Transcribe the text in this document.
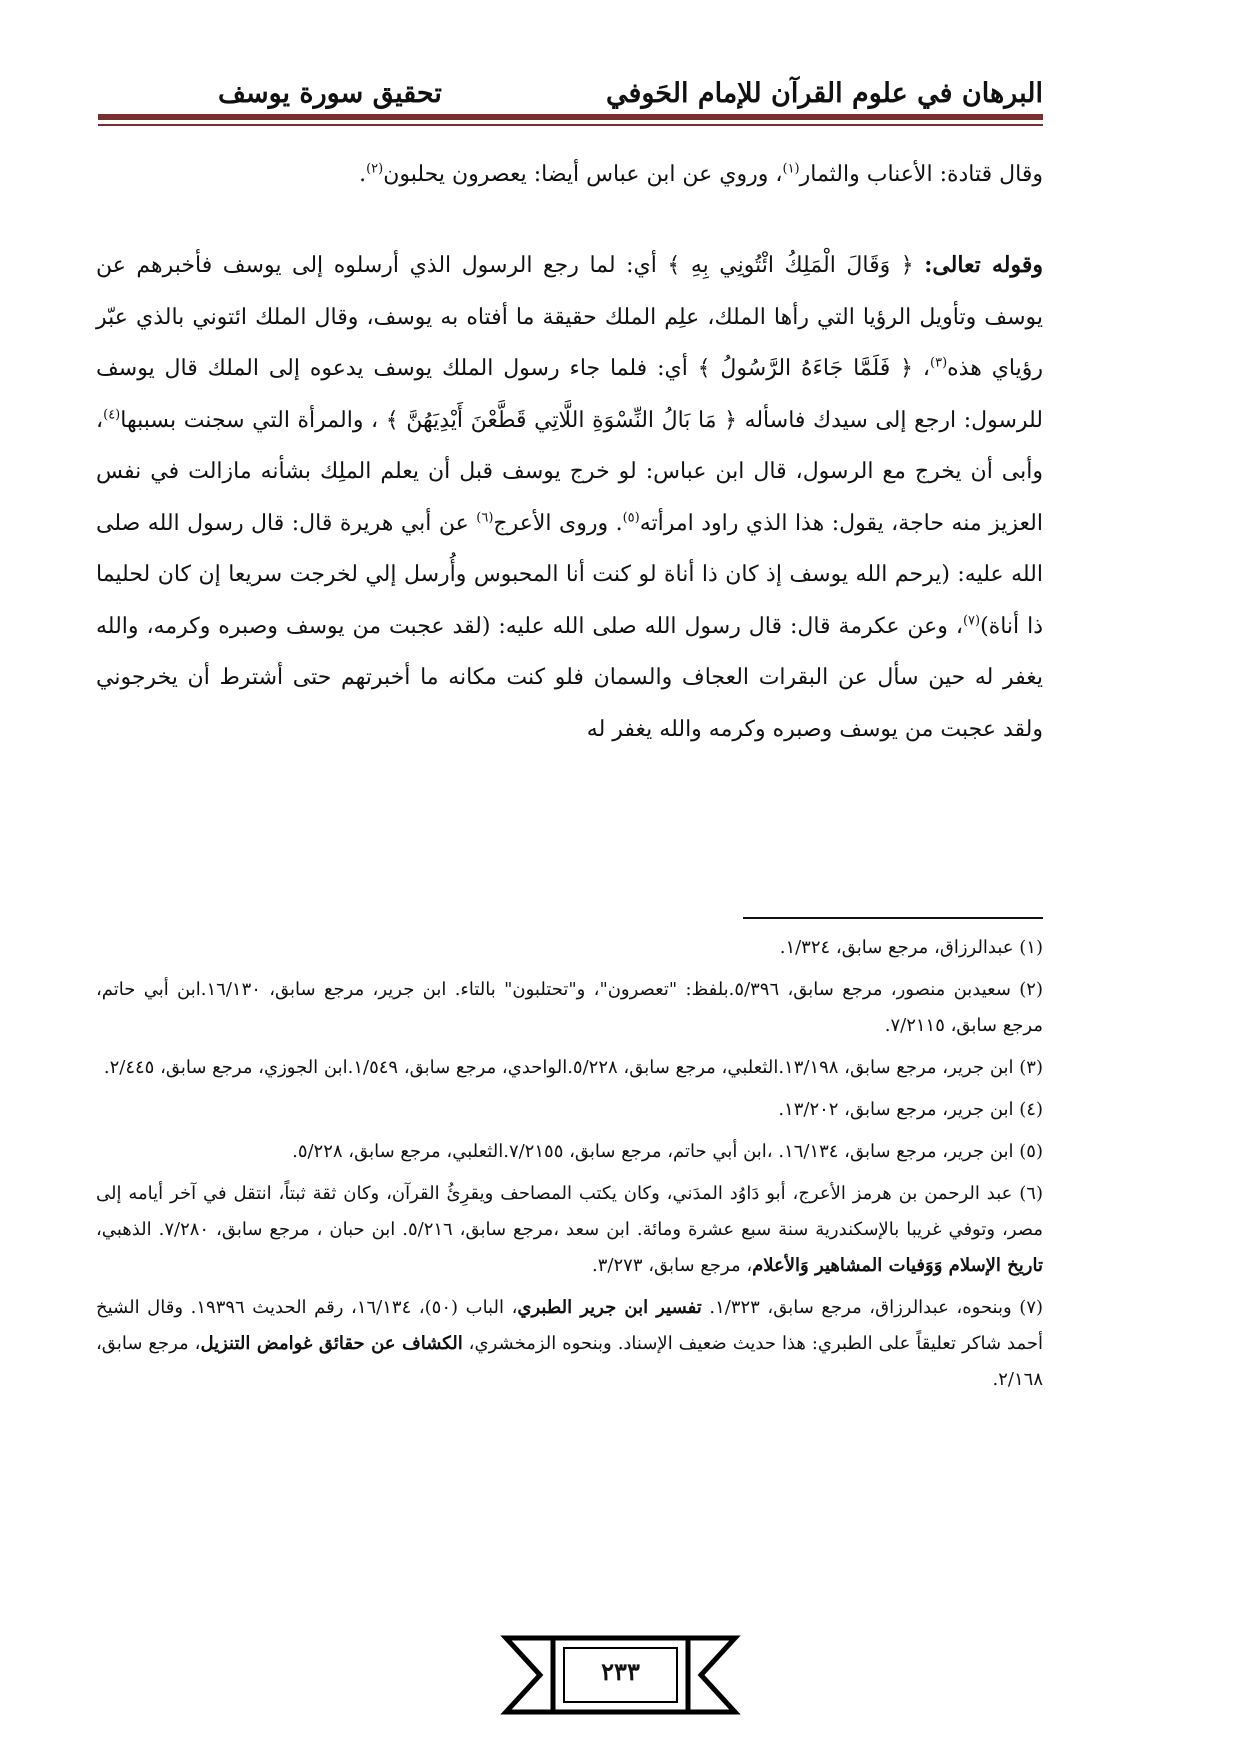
البرهان في علوم القرآن للإمام الحَوفي
تحقيق سورة يوسف

وقال قتادة: الأعناب والثمار$^{(١)}$، وروي عن ابن عباس أيضا: يعصرون يحلبون$^{(٢)}$.

وقوله تعالى: ﴿ وَقَالَ الْمَلِكُ ائْتُونِي بِهِ ﴾ أي: لما رجع الرسول الذي أرسلوه إلى يوسف فأخبرهم عن يوسف وتأويل الرؤيا التي رأها الملك، علِم الملك حقيقة ما أفتاه به يوسف، وقال الملك ائتوني بالذي عبّر رؤياي هذه$^{(٣)}$، ﴿ فَلَمَّا جَاءَهُ الرَّسُولُ ﴾ أي: فلما جاء رسول الملك يوسف يدعوه إلى الملك قال يوسف للرسول: ارجع إلى سيدك فاسأله ﴿ مَا بَالُ النِّسْوَةِ اللَّاتِي قَطَّعْنَ أَيْدِيَهُنَّ ﴾ ، والمرأة التي سجنت بسببها$^{(٤)}$، وأبى أن يخرج مع الرسول، قال ابن عباس: لو خرج يوسف قبل أن يعلم الملِك بشأنه مازالت في نفس العزيز منه حاجة، يقول: هذا الذي راود امرأته$^{(٥)}$. وروى الأعرج$^{(٦)}$ عن أبي هريرة قال: قال رسول الله صلى الله عليه: (يرحم الله يوسف إذ كان ذا أناة لو كنت أنا المحبوس وأُرسل إلي لخرجت سريعا إن كان لحليما ذا أناة)$^{(٧)}$، وعن عكرمة قال: قال رسول الله صلى الله عليه: (لقد عجبت من يوسف وصبره وكرمه، والله يغفر له حين سأل عن البقرات العجاف والسمان فلو كنت مكانه ما أخبرتهم حتى أشترط أن يخرجوني ولقد عجبت من يوسف وصبره وكرمه والله يغفر له

(١) عبدالرزاق، مرجع سابق، ١/٣٢٤.

(٢) سعيدبن منصور، مرجع سابق، ٥/٣٩٦.بلفظ: "تعصرون"، و"تحتلبون" بالتاء. ابن جرير، مرجع سابق، ١٦/١٣٠.ابن أبي حاتم، مرجع سابق، ٧/٢١١٥.

(٣) ابن جرير، مرجع سابق، ١٣/١٩٨.الثعلبي، مرجع سابق، ٥/٢٢٨.الواحدي، مرجع سابق، ١/٥٤٩.ابن الجوزي، مرجع سابق، ٢/٤٤٥.

(٤) ابن جرير، مرجع سابق، ١٣/٢٠٢.

(٥) ابن جرير، مرجع سابق، ١٦/١٣٤. ،ابن أبي حاتم، مرجع سابق، ٧/٢١٥٥.الثعلبي، مرجع سابق، ٥/٢٢٨.

(٦) عبد الرحمن بن هرمز الأعرج، أبو دَاوُد المدَني، وكان يكتب المصاحف ويقرِئُ القرآن، وكان ثقة ثبتاً، انتقل في آخر أيامه إلى مصر، وتوفي غريبا بالإسكندرية سنة سبع عشرة ومائة. ابن سعد ،مرجع سابق، ٥/٢١٦. ابن حبان ، مرجع سابق، ٧/٢٨٠. الذهبي، تاريخ الإسلام وَوَفيات المشاهير وَالأعلام، مرجع سابق، ٣/٢٧٣.

(٧) وبنحوه، عبدالرزاق، مرجع سابق، ١/٣٢٣. تفسير ابن جرير الطبري، الباب (٥٠)، ١٦/١٣٤، رقم الحديث ١٩٣٩٦. وقال الشيخ أحمد شاكر تعليقاً على الطبري: هذا حديث ضعيف الإسناد. وبنحوه الزمخشري، الكشاف عن حقائق غوامض التنزيل، مرجع سابق، ٢/١٦٨.

٢٣٣
